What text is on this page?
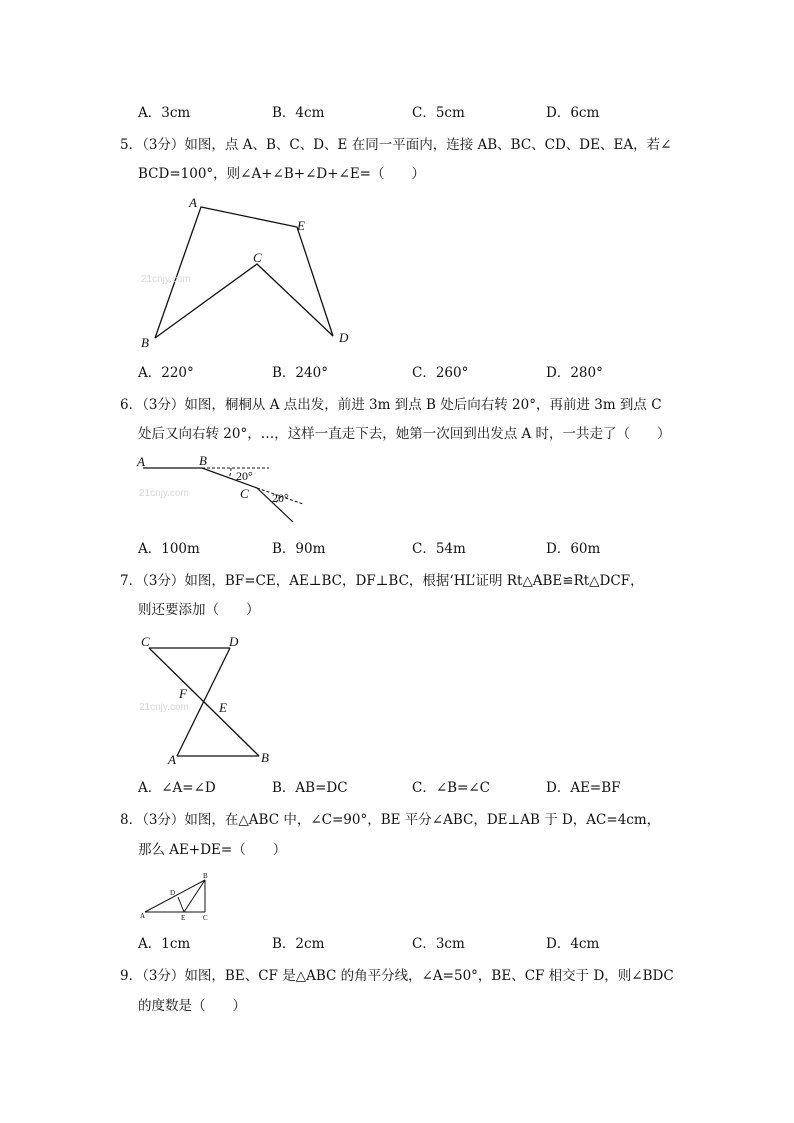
A．3cm	B．4cm	C．5cm	D．6cm
5．（3分）如图，点 A、B、C、D、E 在同一平面内，连接 AB、BC、CD、DE、EA，若∠
BCD=100°，则∠A+∠B+∠D+∠E=（　　）
21cnjy.com
A
E
C
B	D
A．220°	B．240°	C．260°	D．280°
6．（3分）如图，桐桐从 A 点出发，前进 3m 到点 B 处后向右转 20°，再前进 3m 到点 C
处后又向右转 20°，…，这样一直走下去，她第一次回到出发点 A 时，一共走了（　　）
21cnjy.com
A	B
20°
C 20°
A．100m	B．90m	C．54m	D．60m
7．（3分）如图，BF=CE，AE⊥BC，DF⊥BC，根据‘HL’证明 Rt△ABE≌Rt△DCF，
则还要添加（　　）
21cnjy.com
C	D
F
E
A	B
A．∠A=∠D	B．AB=DC	C．∠B=∠C	D．AE=BF
8．（3分）如图，在△ABC 中，∠C=90°，BE 平分∠ABC，DE⊥AB 于 D，AC=4cm，
那么 AE+DE=（　　）
A
B
C
D
E
A．1cm	B．2cm	C．3cm	D．4cm
9．（3分）如图，BE、CF 是△ABC 的角平分线，∠A=50°，BE、CF 相交于 D，则∠BDC
的度数是（　　）
